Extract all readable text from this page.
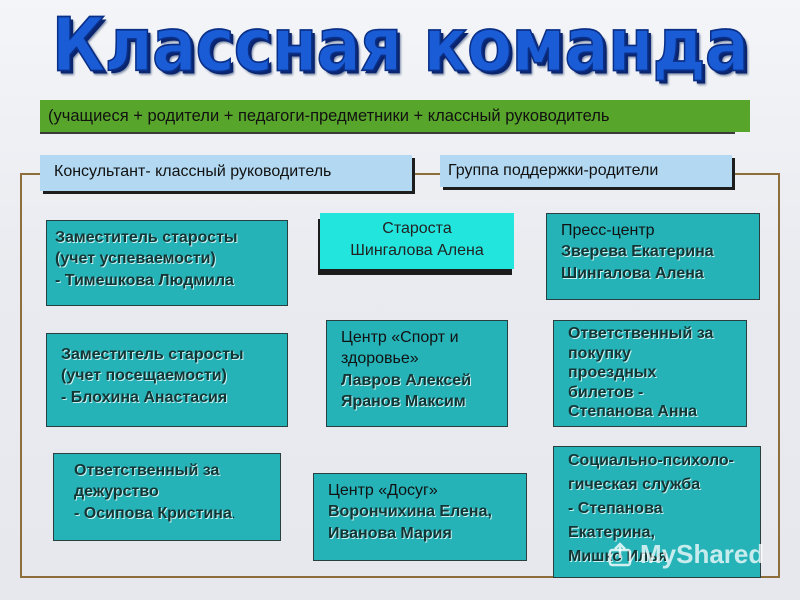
Классная команда
(учащиеся + родители + педагоги-предметники + классный руководитель
Консультант- классный руководитель	Группа поддержки-родители
Заместитель старосты
(учет успеваемости)
- Тимешкова Людмила
Заместитель старосты
(учет посещаемости)
- Блохина Анастасия
Ответственный за
дежурство
- Осипова Кристина.
Староста
Шингалова Алена
Центр «Спорт и
здоровье»
Лавров Алексей
Яранов Максим
Центр «Досуг»
Ворончихина Елена,
Иванова Мария
Пресс-центр
Зверева Екатерина
Шингалова Алена
Ответственный за
покупку
проездных
билетов -
Степанова Анна
Социально-психоло-
гическая служба
- Степанова
Екатерина,
Мишко Илья
MyShared
